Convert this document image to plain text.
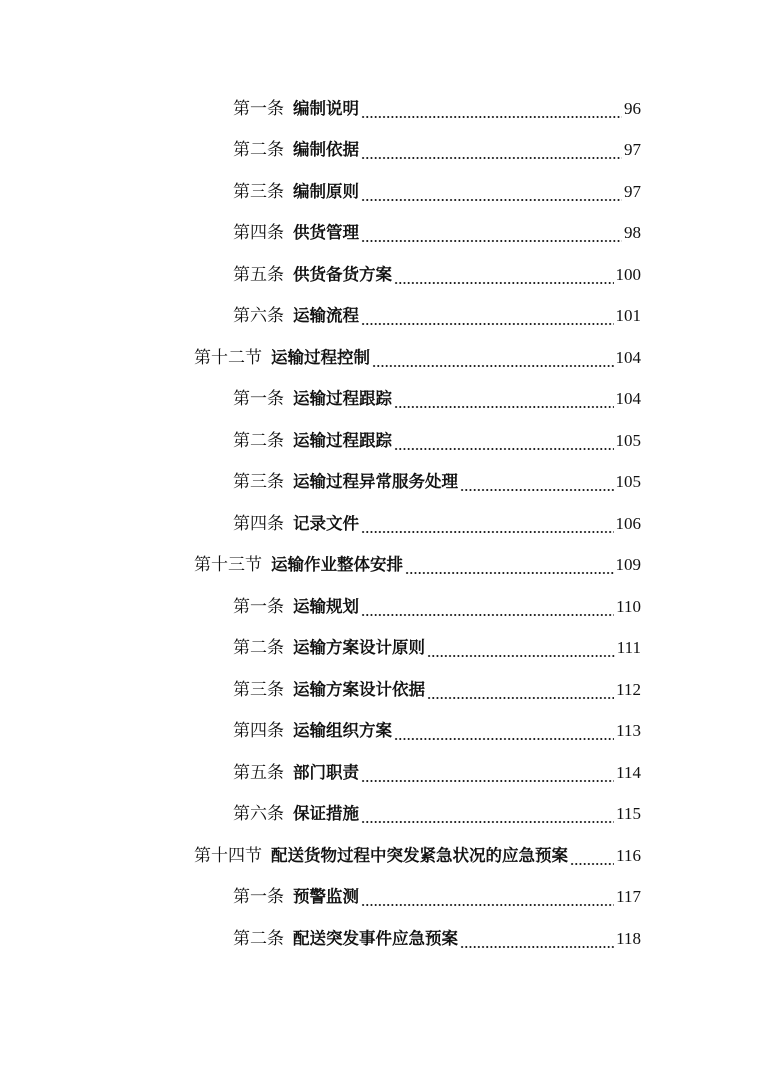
第一条 编制说明	96
第二条 编制依据	97
第三条 编制原则	97
第四条 供货管理	98
第五条 供货备货方案	100
第六条 运输流程	101
第十二节 运输过程控制	104
第一条 运输过程跟踪	104
第二条 运输过程跟踪	105
第三条 运输过程异常服务处理	105
第四条 记录文件	106
第十三节 运输作业整体安排	109
第一条 运输规划	110
第二条 运输方案设计原则	111
第三条 运输方案设计依据	112
第四条 运输组织方案	113
第五条 部门职责	114
第六条 保证措施	115
第十四节 配送货物过程中突发紧急状况的应急预案	116
第一条 预警监测	117
第二条 配送突发事件应急预案	118
